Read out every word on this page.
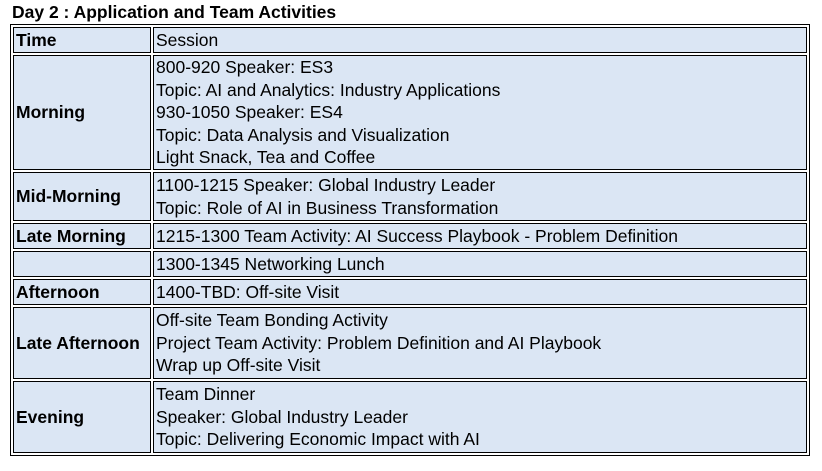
Day 2 : Application and Team Activities
Time	Session
Morning	800-920 Speaker: ES3
Topic: AI and Analytics: Industry Applications
930-1050 Speaker: ES4
Topic: Data Analysis and Visualization
Light Snack, Tea and Coffee

Mid-Morning	1100-1215 Speaker: Global Industry Leader
Topic: Role of AI in Business Transformation

Late Morning	1215-1300 Team Activity: AI Success Playbook - Problem Definition

	1300-1345 Networking Lunch

Afternoon	1400-TBD: Off-site Visit

Late Afternoon	Off-site Team Bonding Activity
Project Team Activity: Problem Definition and AI Playbook
Wrap up Off-site Visit

Evening	Team Dinner
Speaker: Global Industry Leader
Topic: Delivering Economic Impact with AI
